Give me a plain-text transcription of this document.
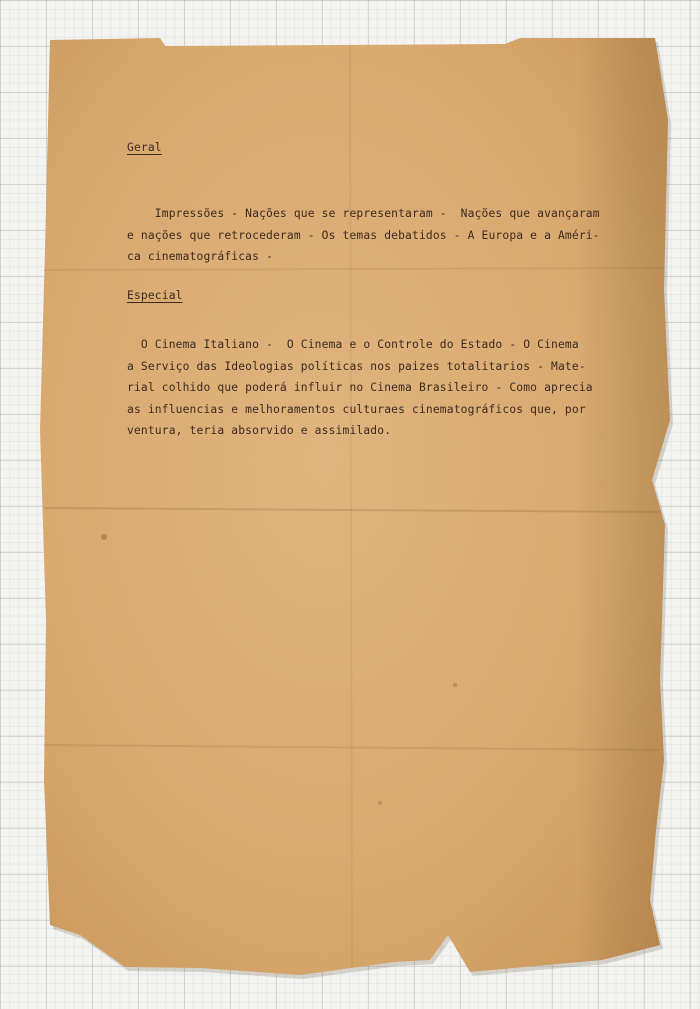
Geral
Impressões - Nações que se representaram -  Nações que avançaram
e nações que retrocederam - Os temas debatidos - A Europa e a Améri-
ca cinematográficas -
Especial
O Cinema Italiano -  O Cinema e o Controle do Estado - O Cinema
a Serviço das Ideologias políticas nos paizes totalitarios - Mate-
rial colhido que poderá influir no Cinema Brasileiro - Como aprecia
as influencias e melhoramentos culturaes cinematográficos que, por
ventura, teria absorvido e assimilado.
